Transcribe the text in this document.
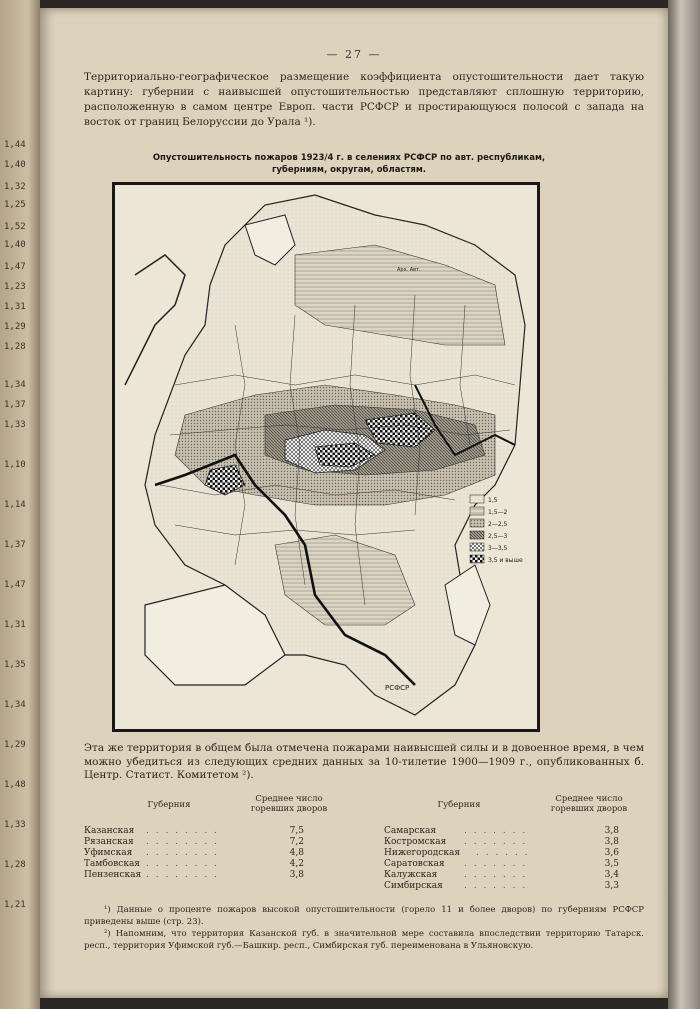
1,44
1,40
1,32
1,25
1,52
1,40
1,47
1,23
1,31
1,29
1,28
1,34
1,37
1,33
1,10
1,14
1,37
1,47
1,31
1,35
1,34
1,29
1,48
1,33
1,28
1,21
— 27 —
Территориально-географическое размещение коэффициента опустошительности дает такую картину: губернии с наивысшей опустошительностью представляют сплошную территорию, расположенную в самом центре Европ. части РСФСР и простирающуюся полосой с запада на восток от границ Белоруссии до Урала ¹).
Опустошительность пожаров 1923/4 г. в селениях РСФСР по авт. республикам,
губерниям, округам, областям.
1,5
1,5—2
2—2,5
2,5—3
3—3,5
3,5 и выше
РСФСР
Арх. Авт.
Эта же территория в общем была отмечена пожарами наивысшей силы и в довоенное время, в чем можно убедиться из следующих средних данных за 10-тилетие 1900—1909 г., опубликованных б. Центр. Статист. Комитетом ²).
Губерния
Среднее число
горевших дворов	Губерния
Среднее число
горевших дворов
Казанская . . . . . . . .	7,5
Рязанская . . . . . . . .	7,2
Уфимская . . . . . . . .	4,8
Тамбовская . . . . . . . .	4,2
Пензенская . . . . . . . .	3,8
Самарская	. . . . . . .	3,8
Костромская . . . . . . .	3,8
Нижегородская . . . . . .	3,6
Саратовская . . . . . . .	3,5
Калужская	. . . . . . .	3,4
Симбирская . . . . . . .	3,3

¹) Данные о проценте пожаров высокой опустошительности (горело 11 и более дворов) по губерниям РСФСР приведены выше (стр. 23).

²) Напомним, что территория Казанской губ. в значительной мере составила впоследствии территорию Татарск. респ., территория Уфимской губ.—Башкир. респ., Симбирская губ. переименована в Ульяновскую.
